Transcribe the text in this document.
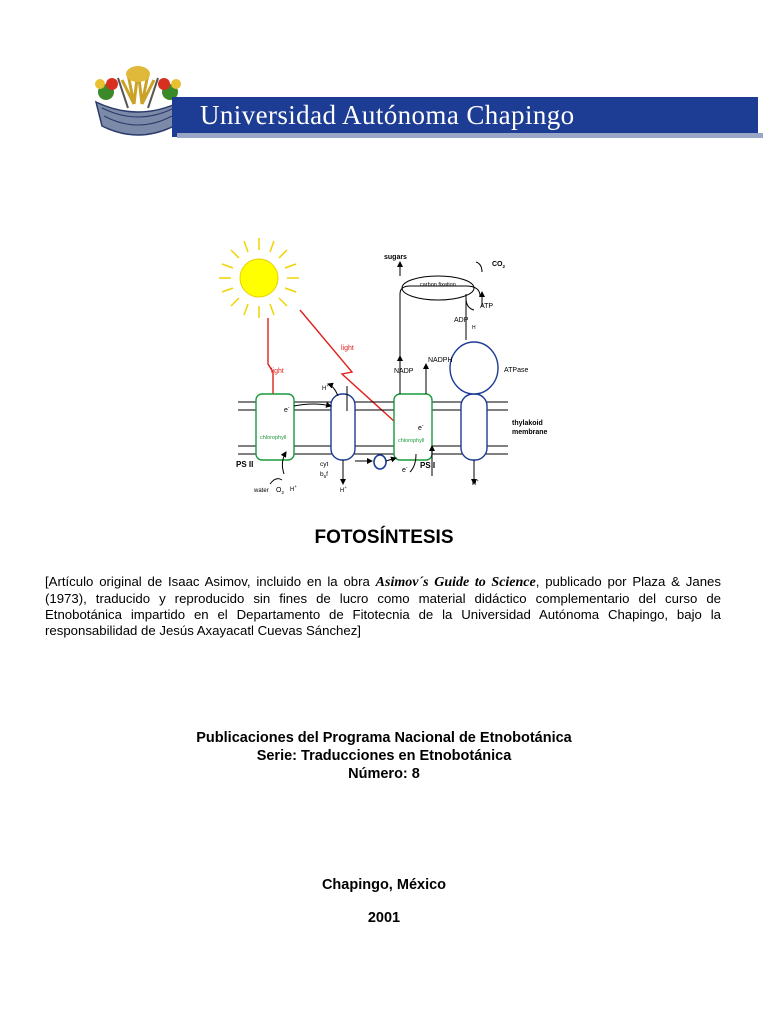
Universidad Autónoma Chapingo
light
light
thylakoid
membrane
chlorophyll
e-
PS II	cyt
$b_6f$
chlorophyll
e-
PS I
e-
ATPase
sugars
$CO_2$
carbon fixation
ADP
ATP
H
NADPH
NADP
H+
water $O_2$ H+
H+
H+
FOTOSÍNTESIS
[Artículo original de Isaac Asimov, incluido en la obra Asimov´s Guide to Science, publicado por Plaza & Janes (1973), traducido y reproducido sin fines de lucro como material didáctico complementario del curso de Etnobotánica impartido en el Departamento de Fitotecnia de la Universidad Autónoma Chapingo, bajo la responsabilidad de Jesús Axayacatl Cuevas Sánchez]
Publicaciones del Programa Nacional de Etnobotánica
Serie: Traducciones en Etnobotánica
Número: 8
Chapingo, México
2001
